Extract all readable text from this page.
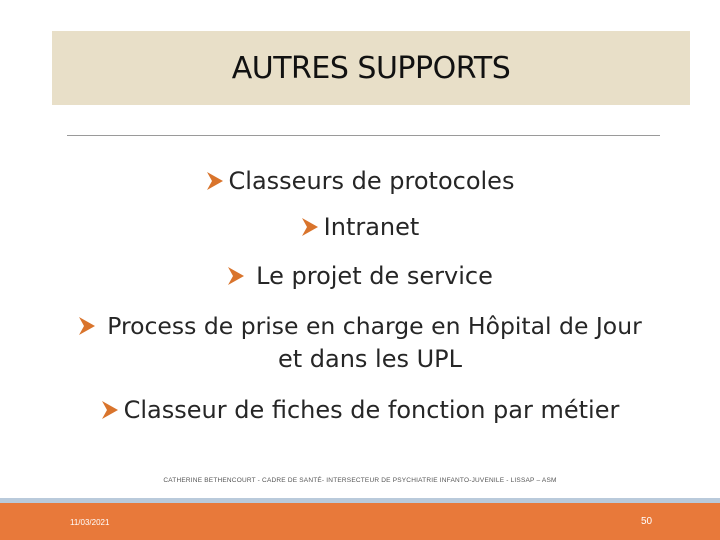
AUTRES SUPPORTS
Classeurs de protocoles
Intranet
Le projet de service
Process de prise en charge en Hôpital de Jour
et dans les UPL
Classeur de fiches de fonction par métier
CATHERINE BETHENCOURT - CADRE DE SANTÉ- INTERSECTEUR DE PSYCHIATRIE INFANTO-JUVENILE - LISSAP – ASM
11/03/2021	50
